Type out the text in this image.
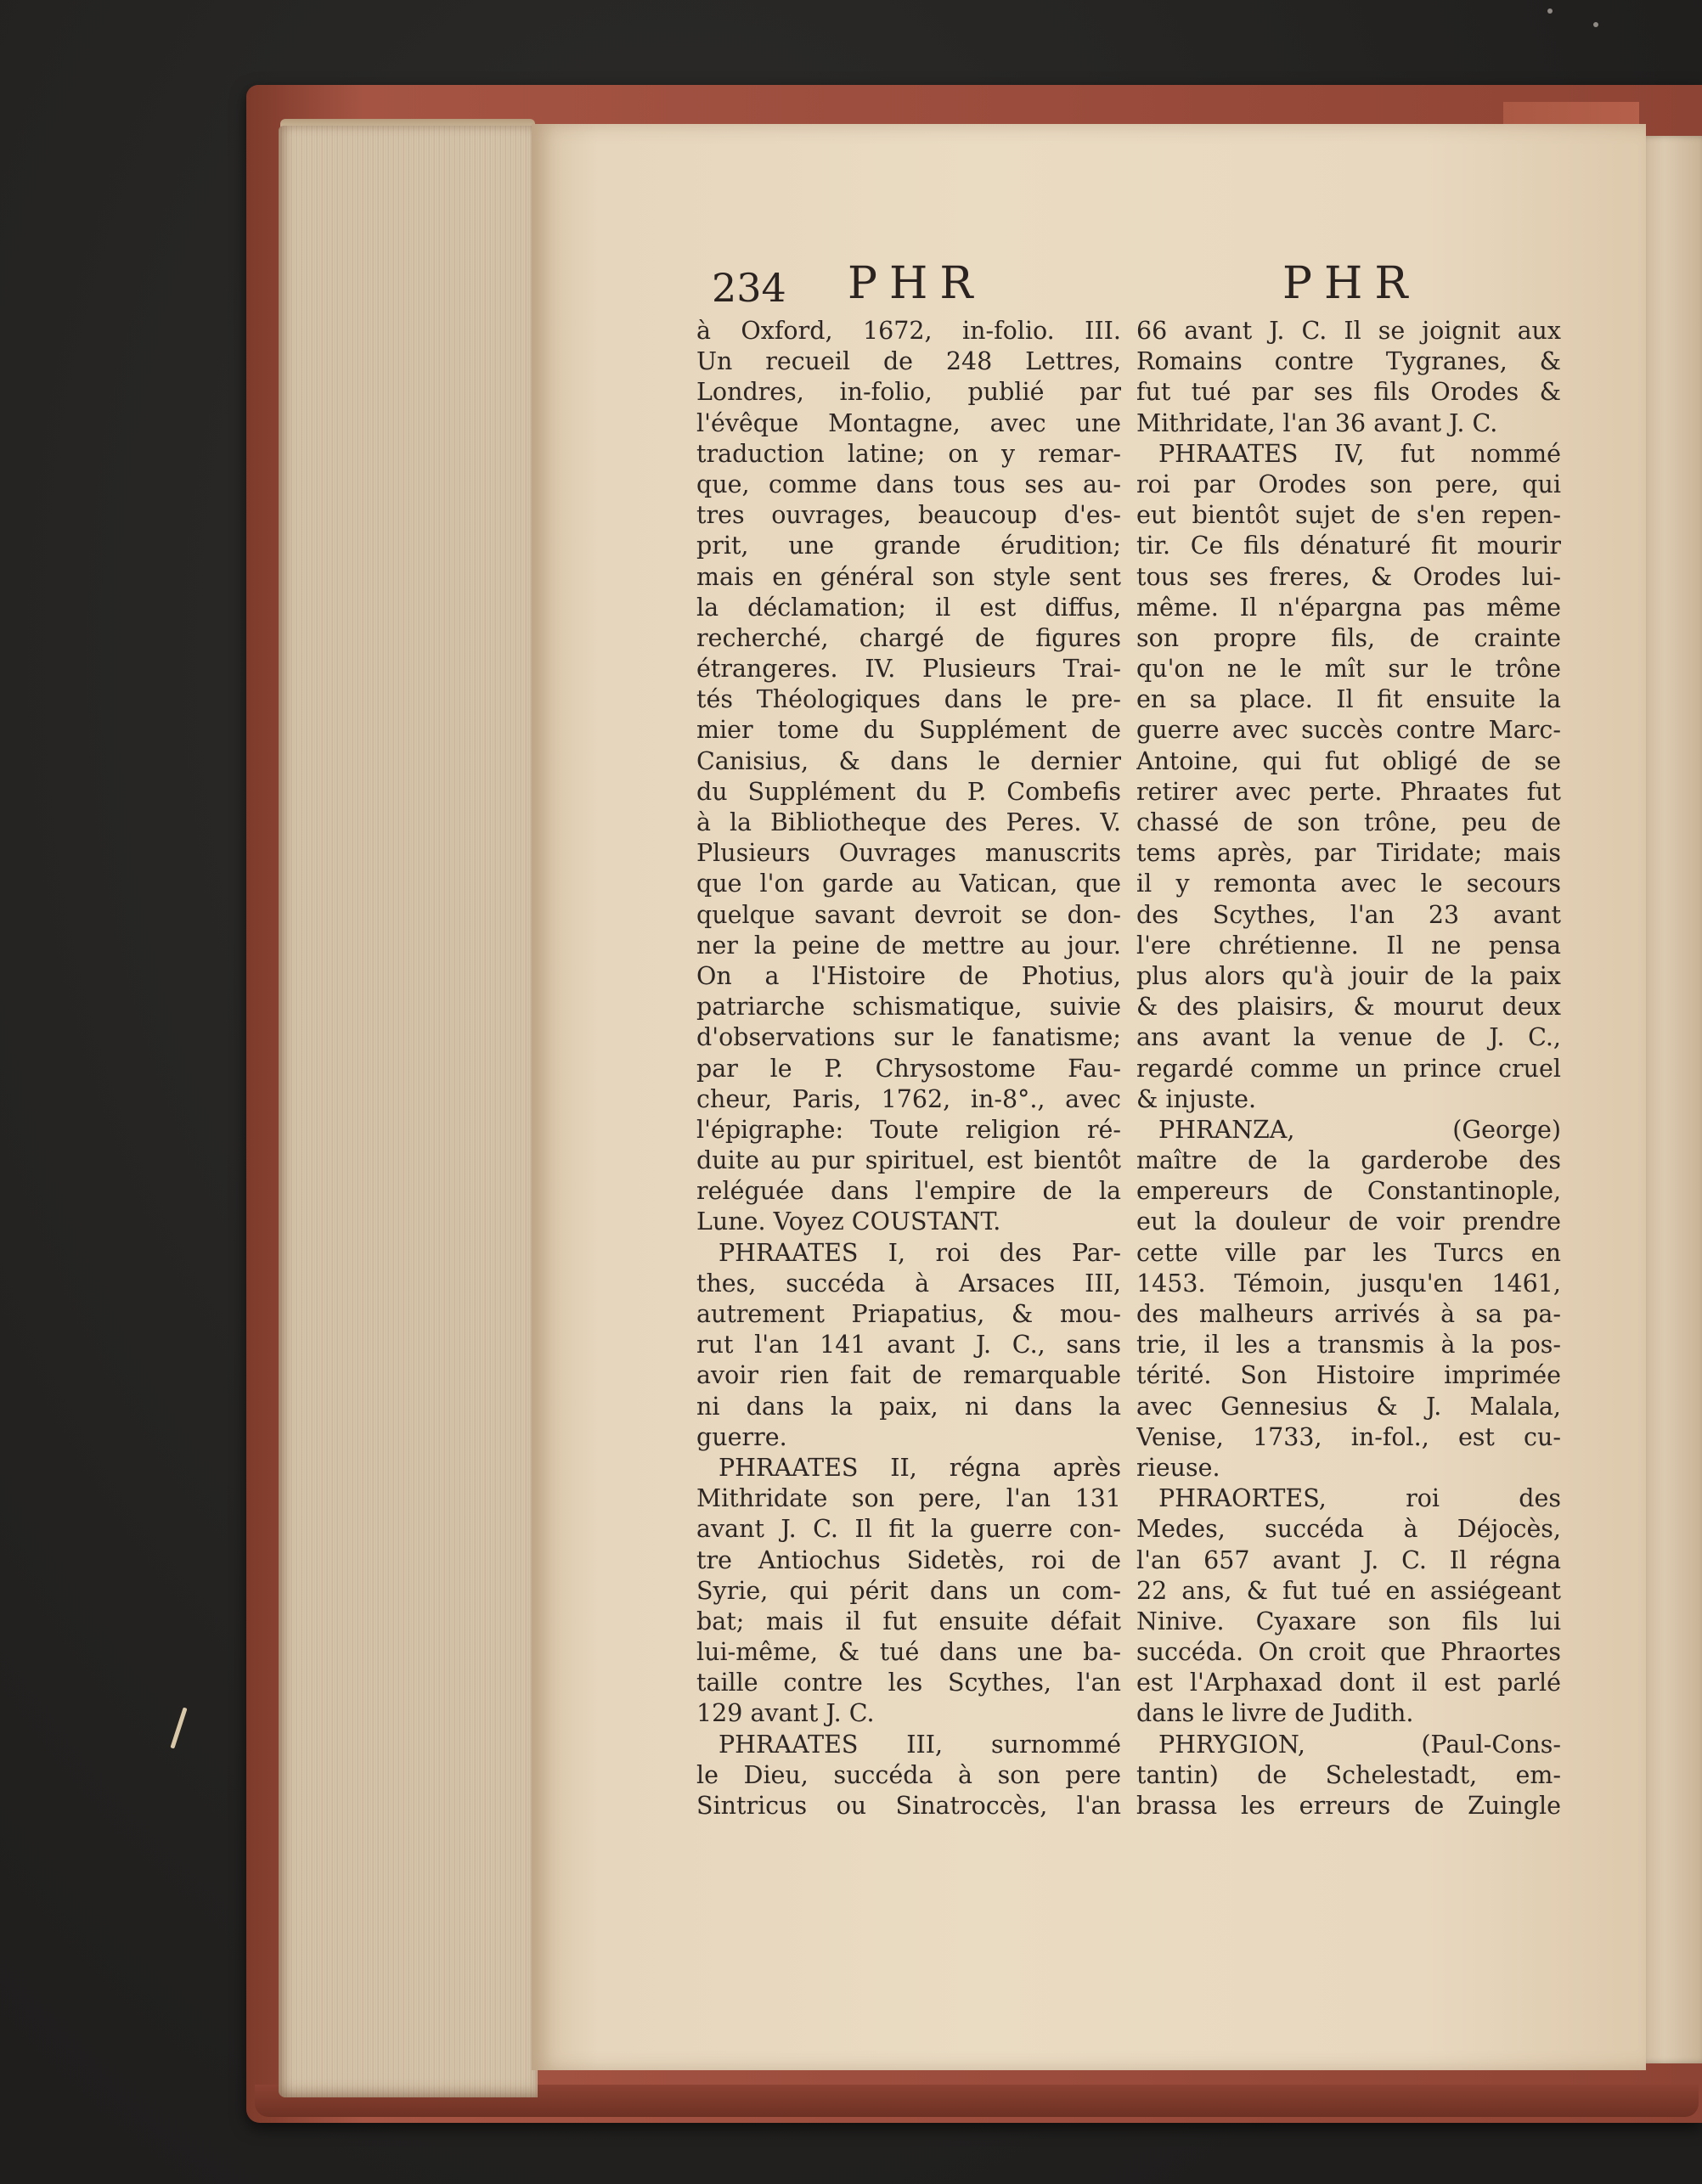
234 PHR	PHR
à Oxford, 1672, in-folio. III.
Un recueil de 248 Lettres,
Londres, in-folio, publié par
l'évêque Montagne, avec une
traduction latine; on y remar-
que, comme dans tous ses au-
tres ouvrages, beaucoup d'es-
prit, une grande érudition;
mais en général son style sent
la déclamation; il est diffus,
recherché, chargé de figures
étrangeres. IV. Plusieurs Trai-
tés Théologiques dans le pre-
mier tome du Supplément de
Canisius, & dans le dernier
du Supplément du P. Combefis
à la Bibliotheque des Peres. V.
Plusieurs Ouvrages manuscrits
que l'on garde au Vatican, que
quelque savant devroit se don-
ner la peine de mettre au jour.
On a l'Histoire de Photius,
patriarche schismatique, suivie
d'observations sur le fanatisme;
par le P. Chrysostome Fau-
cheur, Paris, 1762, in-8°., avec
l'épigraphe: Toute religion ré-
duite au pur spirituel, est bientôt
reléguée dans l'empire de la
Lune. Voyez COUSTANT.
PHRAATES I, roi des Par-
thes, succéda à Arsaces III,
autrement Priapatius, & mou-
rut l'an 141 avant J. C., sans
avoir rien fait de remarquable
ni dans la paix, ni dans la
guerre.
PHRAATES II, régna après
Mithridate son pere, l'an 131
avant J. C. Il fit la guerre con-
tre Antiochus Sidetès, roi de
Syrie, qui périt dans un com-
bat; mais il fut ensuite défait
lui-même, & tué dans une ba-
taille contre les Scythes, l'an
129 avant J. C.
PHRAATES III, surnommé
le Dieu, succéda à son pere
Sintricus ou Sinatroccès, l'an
66 avant J. C. Il se joignit aux
Romains contre Tygranes, &
fut tué par ses fils Orodes &
Mithridate, l'an 36 avant J. C.
PHRAATES IV, fut nommé
roi par Orodes son pere, qui
eut bientôt sujet de s'en repen-
tir. Ce fils dénaturé fit mourir
tous ses freres, & Orodes lui-
même. Il n'épargna pas même
son propre fils, de crainte
qu'on ne le mît sur le trône
en sa place. Il fit ensuite la
guerre avec succès contre Marc-
Antoine, qui fut obligé de se
retirer avec perte. Phraates fut
chassé de son trône, peu de
tems après, par Tiridate; mais
il y remonta avec le secours
des Scythes, l'an 23 avant
l'ere chrétienne. Il ne pensa
plus alors qu'à jouir de la paix
& des plaisirs, & mourut deux
ans avant la venue de J. C.,
regardé comme un prince cruel
& injuste.
PHRANZA, (George)
maître de la garderobe des
empereurs de Constantinople,
eut la douleur de voir prendre
cette ville par les Turcs en
1453. Témoin, jusqu'en 1461,
des malheurs arrivés à sa pa-
trie, il les a transmis à la pos-
térité. Son Histoire imprimée
avec Gennesius & J. Malala,
Venise, 1733, in-fol., est cu-
rieuse.
PHRAORTES, roi des
Medes, succéda à Déjocès,
l'an 657 avant J. C. Il régna
22 ans, & fut tué en assiégeant
Ninive. Cyaxare son fils lui
succéda. On croit que Phraortes
est l'Arphaxad dont il est parlé
dans le livre de Judith.
PHRYGION, (Paul-Cons-
tantin) de Schelestadt, em-
brassa les erreurs de Zuingle
